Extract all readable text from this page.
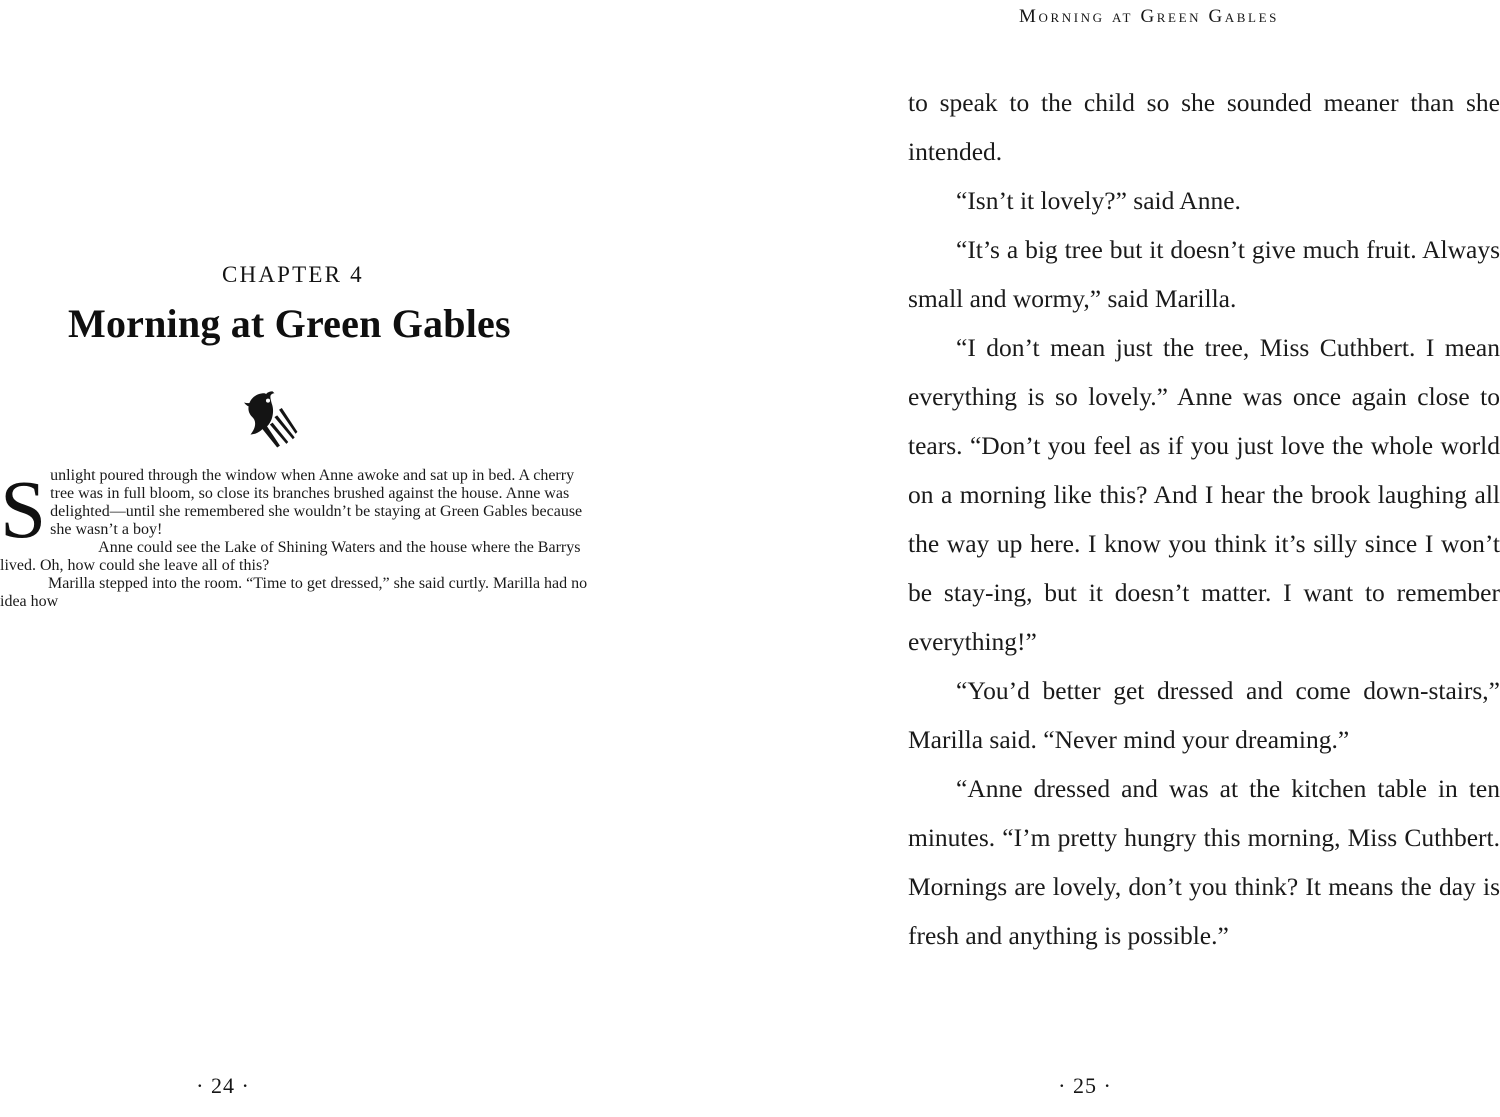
CHAPTER 4
Morning at Green Gables

Sunlight poured through the window when Anne awoke and sat up in bed. A cherry tree was in full bloom, so close its branches brushed against the house. Anne was delighted—until she remembered she wouldn’t be staying at Green Gables because she wasn’t a boy!

Anne could see the Lake of Shining Waters and the house where the Barrys lived. Oh, how could she leave all of this?

Marilla stepped into the room. “Time to get dressed,” she said curtly. Marilla had no idea how

· 24 ·
Morning at Green Gables

to speak to the child so she sounded meaner than she intended.

“Isn’t it lovely?” said Anne.

“It’s a big tree but it doesn’t give much fruit. Always small and wormy,” said Marilla.

“I don’t mean just the tree, Miss Cuthbert. I mean everything is so lovely.” Anne was once again close to tears. “Don’t you feel as if you just love the whole world on a morning like this? And I hear the brook laughing all the way up here. I know you think it’s silly since I won’t be stay-ing, but it doesn’t matter. I want to remember everything!”

“You’d better get dressed and come down-stairs,” Marilla said. “Never mind your dreaming.”

“Anne dressed and was at the kitchen table in ten minutes. “I’m pretty hungry this morning, Miss Cuthbert. Mornings are lovely, don’t you think? It means the day is fresh and anything is possible.”

· 25 ·
